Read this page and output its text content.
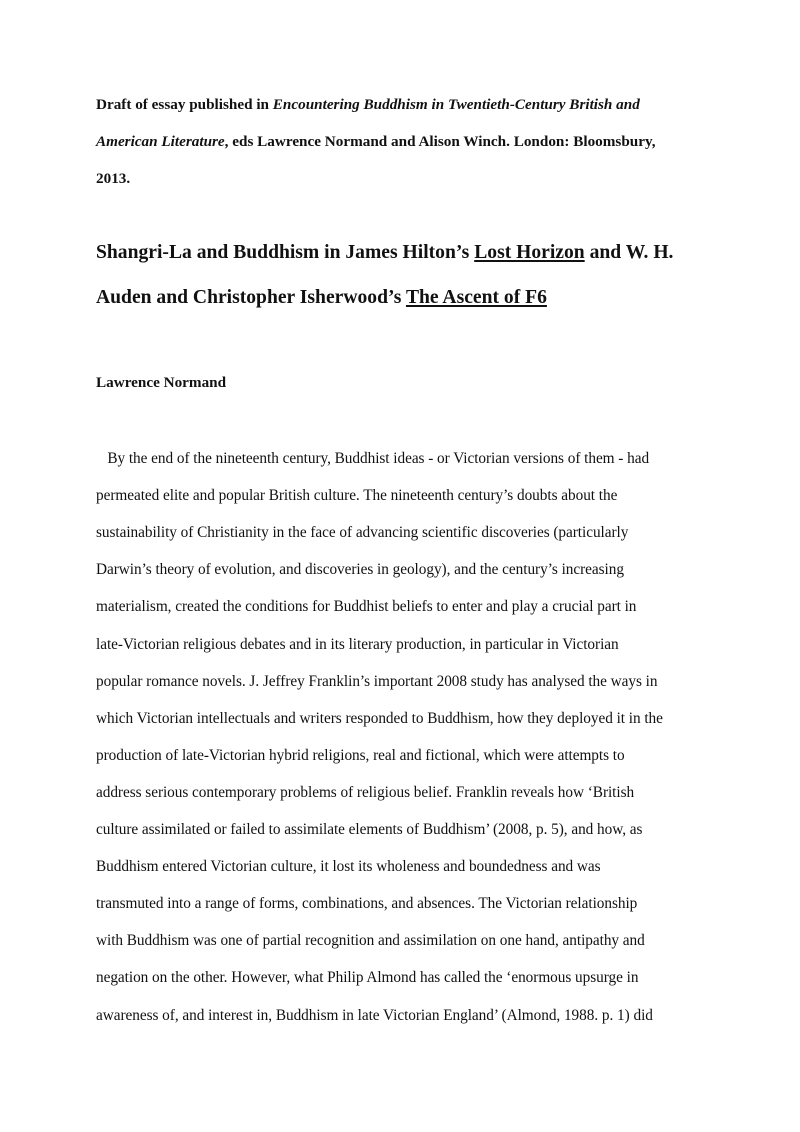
Draft of essay published in Encountering Buddhism in Twentieth-Century British and
American Literature, eds Lawrence Normand and Alison Winch. London: Bloomsbury,
2013.
Shangri-La and Buddhism in James Hilton’s Lost Horizon and W. H.
Auden and Christopher Isherwood’s The Ascent of F6
Lawrence Normand
By the end of the nineteenth century, Buddhist ideas - or Victorian versions of them - had
permeated elite and popular British culture. The nineteenth century’s doubts about the
sustainability of Christianity in the face of advancing scientific discoveries (particularly
Darwin’s theory of evolution, and discoveries in geology), and the century’s increasing
materialism, created the conditions for Buddhist beliefs to enter and play a crucial part in
late-Victorian religious debates and in its literary production, in particular in Victorian
popular romance novels. J. Jeffrey Franklin’s important 2008 study has analysed the ways in
which Victorian intellectuals and writers responded to Buddhism, how they deployed it in the
production of late-Victorian hybrid religions, real and fictional, which were attempts to
address serious contemporary problems of religious belief. Franklin reveals how ‘British
culture assimilated or failed to assimilate elements of Buddhism’ (2008, p. 5), and how, as
Buddhism entered Victorian culture, it lost its wholeness and boundedness and was
transmuted into a range of forms, combinations, and absences. The Victorian relationship
with Buddhism was one of partial recognition and assimilation on one hand, antipathy and
negation on the other. However, what Philip Almond has called the ‘enormous upsurge in
awareness of, and interest in, Buddhism in late Victorian England’ (Almond, 1988. p. 1) did
